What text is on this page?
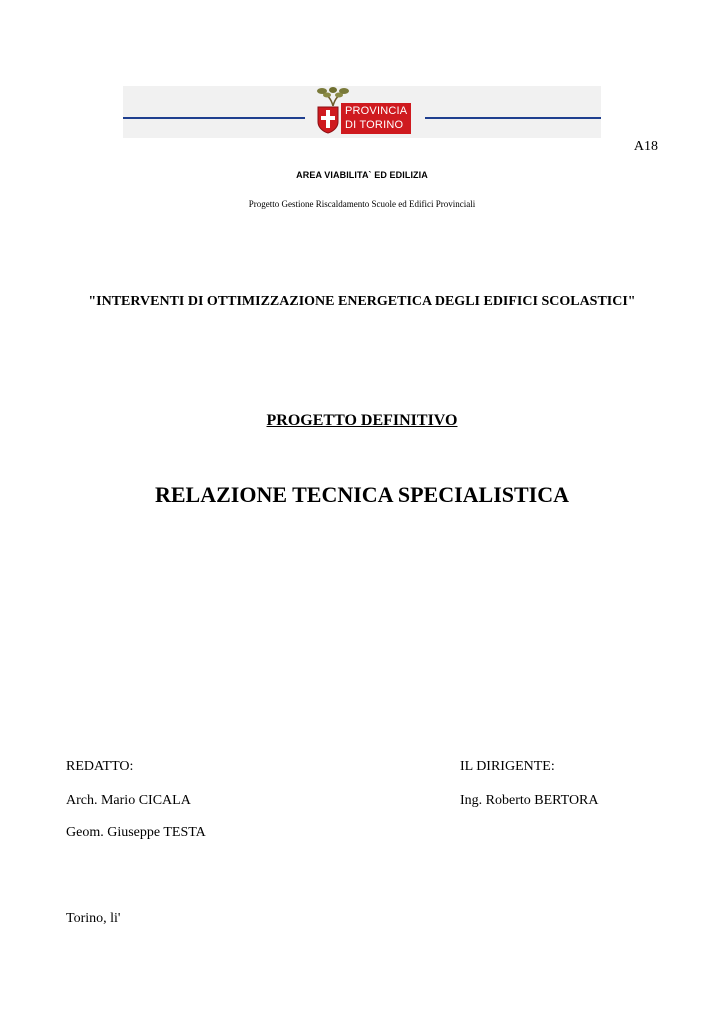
PROVINCIA
DI TORINO
A18
AREA VIABILITA` ED EDILIZIA
Progetto Gestione Riscaldamento Scuole ed Edifici Provinciali
"INTERVENTI DI OTTIMIZZAZIONE ENERGETICA DEGLI EDIFICI SCOLASTICI"
PROGETTO DEFINITIVO
RELAZIONE TECNICA SPECIALISTICA
REDATTO:
Arch. Mario CICALA
Geom. Giuseppe TESTA
IL DIRIGENTE:
Ing. Roberto BERTORA
Torino, li'
